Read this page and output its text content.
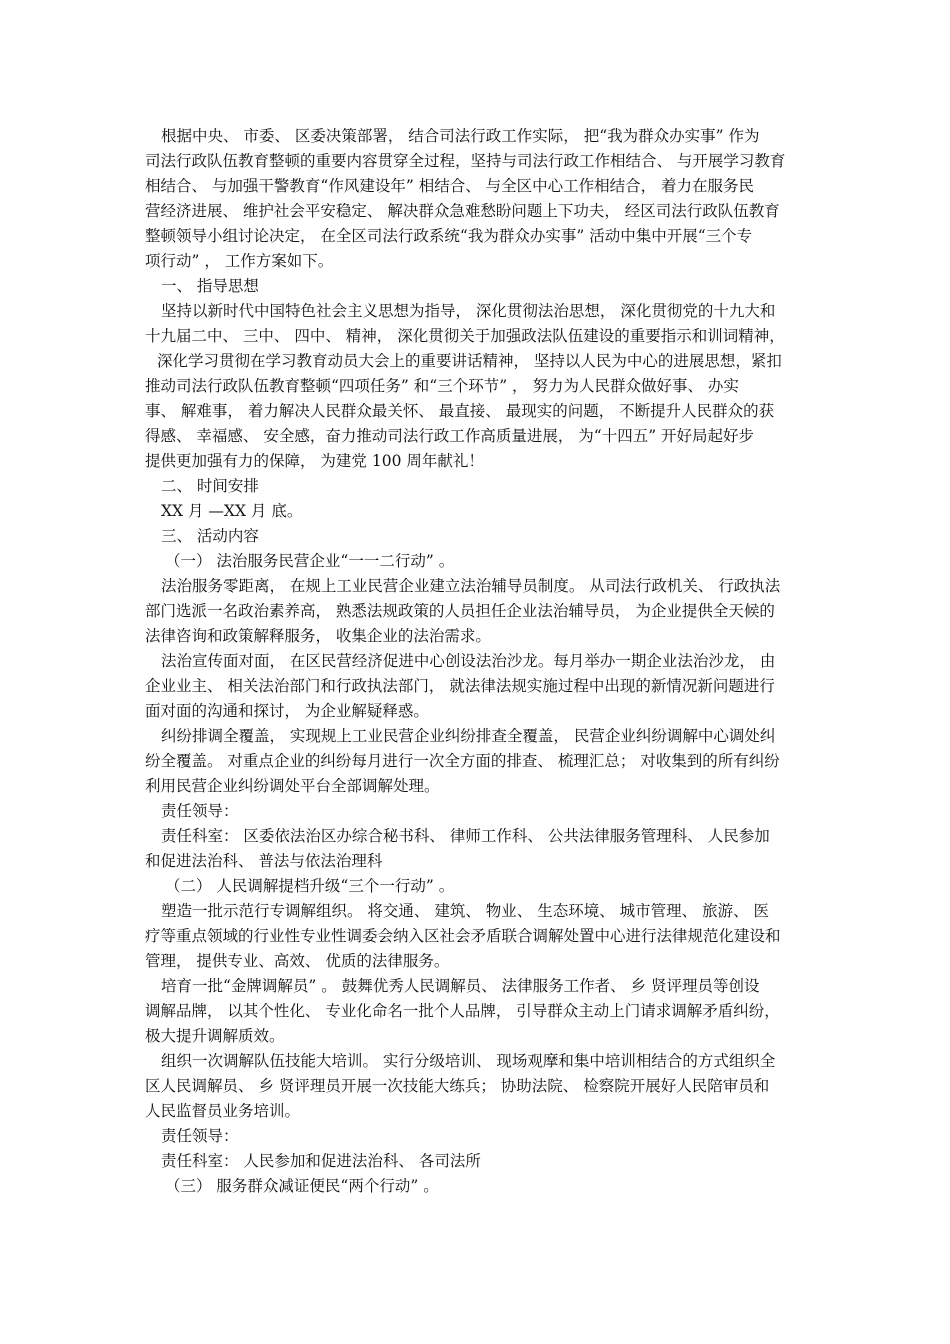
根据中央、 市委、 区委决策部署， 结合司法行政工作实际， 把“我为群众办实事” 作为

司法行政队伍教育整顿的重要内容贯穿全过程，坚持与司法行政工作相结合、 与开展学习教育

相结合、 与加强干警教育“作风建设年” 相结合、 与全区中心工作相结合， 着力在服务民

营经济进展、 维护社会平安稳定、 解决群众急难愁盼问题上下功夫， 经区司法行政队伍教育

整顿领导小组讨论决定， 在全区司法行政系统“我为群众办实事” 活动中集中开展“三个专

项行动” ， 工作方案如下。

一、 指导思想

坚持以新时代中国特色社会主义思想为指导， 深化贯彻法治思想， 深化贯彻党的十九大和

十九届二中、 三中、 四中、 精神， 深化贯彻关于加强政法队伍建设的重要指示和训词精神，

深化学习贯彻在学习教育动员大会上的重要讲话精神， 坚持以人民为中心的进展思想，紧扣

推动司法行政队伍教育整顿“四项任务” 和“三个环节” ， 努力为人民群众做好事、 办实

事、 解难事， 着力解决人民群众最关怀、 最直接、 最现实的问题， 不断提升人民群众的获

得感、 幸福感、 安全感，奋力推动司法行政工作高质量进展， 为“十四五” 开好局起好步

提供更加强有力的保障， 为建党 100 周年献礼！

二、 时间安排

XX 月 —XX 月 底。

三、 活动内容

（一） 法治服务民营企业“一一二行动” 。

法治服务零距离， 在规上工业民营企业建立法治辅导员制度。 从司法行政机关、 行政执法

部门选派一名政治素养高， 熟悉法规政策的人员担任企业法治辅导员， 为企业提供全天候的

法律咨询和政策解释服务， 收集企业的法治需求。

法治宣传面对面， 在区民营经济促进中心创设法治沙龙。每月举办一期企业法治沙龙， 由

企业业主、 相关法治部门和行政执法部门， 就法律法规实施过程中出现的新情况新问题进行

面对面的沟通和探讨， 为企业解疑释惑。

纠纷排调全覆盖， 实现规上工业民营企业纠纷排查全覆盖， 民营企业纠纷调解中心调处纠

纷全覆盖。 对重点企业的纠纷每月进行一次全方面的排查、 梳理汇总； 对收集到的所有纠纷

利用民营企业纠纷调处平台全部调解处理。

责任领导：

责任科室： 区委依法治区办综合秘书科、 律师工作科、 公共法律服务管理科、 人民参加

和促进法治科、 普法与依法治理科

（二） 人民调解提档升级“三个一行动” 。

塑造一批示范行专调解组织。 将交通、 建筑、 物业、 生态环境、 城市管理、 旅游、 医

疗等重点领域的行业性专业性调委会纳入区社会矛盾联合调解处置中心进行法律规范化建设和

管理， 提供专业、高效、 优质的法律服务。

培育一批“金牌调解员” 。 鼓舞优秀人民调解员、 法律服务工作者、 乡 贤评理员等创设

调解品牌， 以其个性化、 专业化命名一批个人品牌， 引导群众主动上门请求调解矛盾纠纷，

极大提升调解质效。

组织一次调解队伍技能大培训。 实行分级培训、 现场观摩和集中培训相结合的方式组织全

区人民调解员、 乡 贤评理员开展一次技能大练兵； 协助法院、 检察院开展好人民陪审员和

人民监督员业务培训。

责任领导：

责任科室： 人民参加和促进法治科、 各司法所

（三） 服务群众减证便民“两个行动” 。
